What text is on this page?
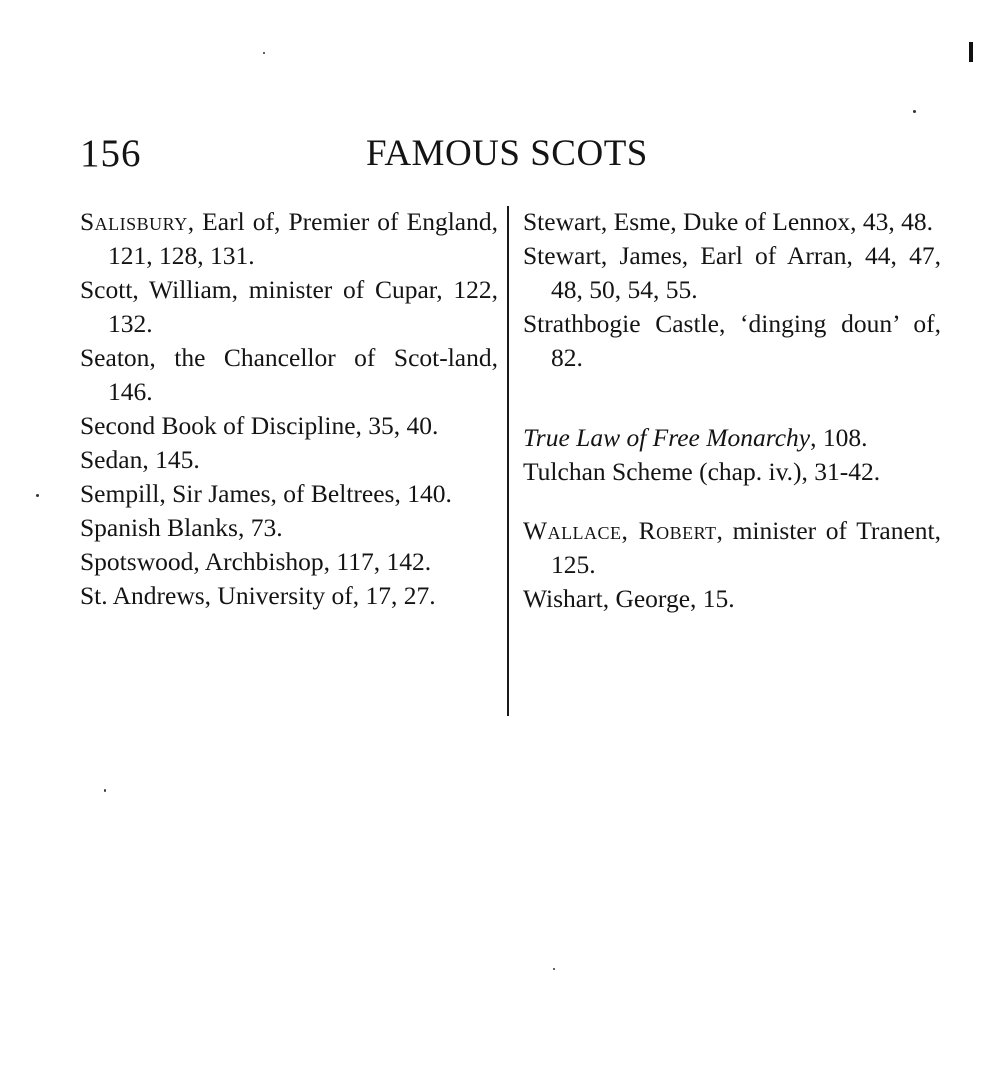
156	FAMOUS SCOTS
Salisbury, Earl of, Premier of England, 121, 128, 131.
Scott, William, minister of Cupar, 122, 132.
Seaton, the Chancellor of Scot-land, 146.
Second Book of Discipline, 35, 40.
Sedan, 145.
Sempill, Sir James, of Beltrees, 140.
Spanish Blanks, 73.
Spotswood, Archbishop, 117, 142.
St. Andrews, University of, 17, 27.
Stewart, Esme, Duke of Lennox, 43, 48.
Stewart, James, Earl of Arran, 44, 47, 48, 50, 54, 55.
Strathbogie Castle, ‘dinging doun’ of, 82.
True Law of Free Monarchy, 108.
Tulchan Scheme (chap. iv.), 31-42.
Wallace, Robert, minister of Tranent, 125.
Wishart, George, 15.
